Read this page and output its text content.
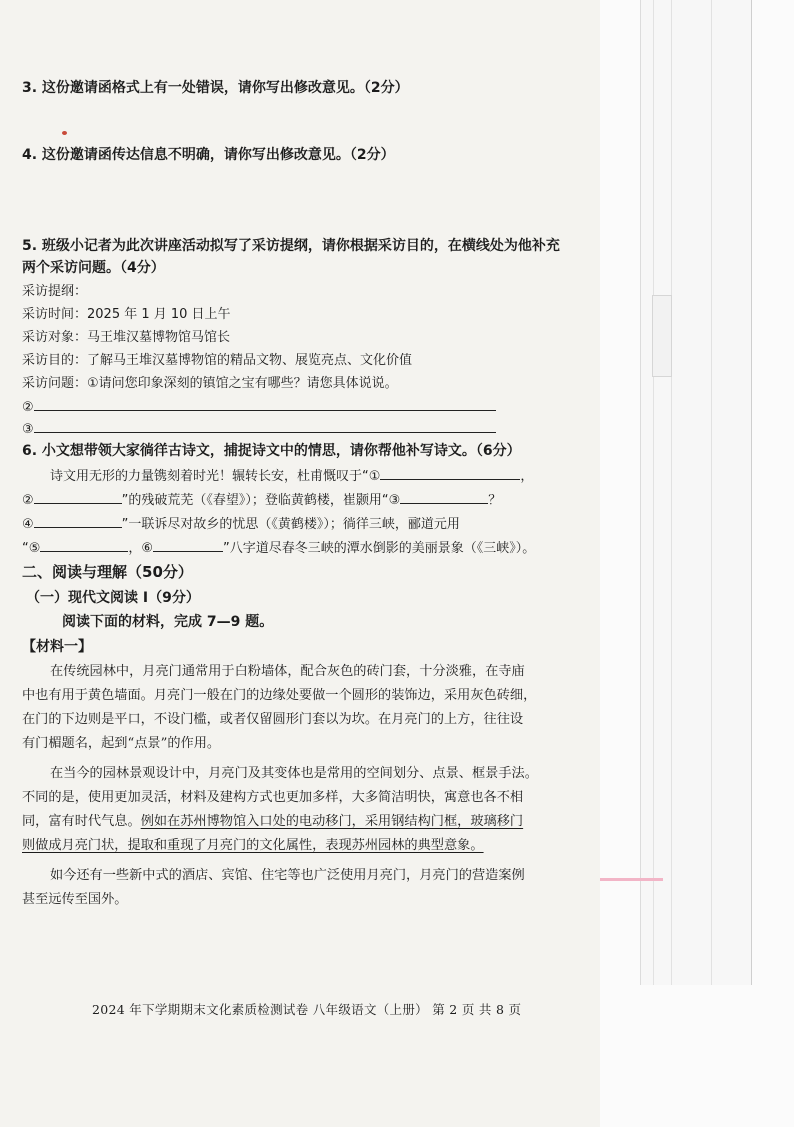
3. 这份邀请函格式上有一处错误，请你写出修改意见。（2分）
4. 这份邀请函传达信息不明确，请你写出修改意见。（2分）
5. 班级小记者为此次讲座活动拟写了采访提纲，请你根据采访目的，在横线处为他补充
两个采访问题。（4分）
采访提纲：
采访时间：2025 年 1 月 10 日上午
采访对象：马王堆汉墓博物馆马馆长
采访目的：了解马王堆汉墓博物馆的精品文物、展览亮点、文化价值
采访问题：①请问您印象深刻的镇馆之宝有哪些？请您具体说说。
②
③
6. 小文想带领大家徜徉古诗文，捕捉诗文中的情思，请你帮他补写诗文。（6分）
诗文用无形的力量镌刻着时光！辗转长安，杜甫慨叹于“①	，
②	”的残破荒芜（《春望》）；登临黄鹤楼，崔颢用“③	？
④	”一联诉尽对故乡的忧思（《黄鹤楼》）；徜徉三峡，郦道元用
“⑤	，⑥	”八字道尽春冬三峡的潭水倒影的美丽景象（《三峡》）。
二、阅读与理解（50分）
（一）现代文阅读 I（9分）
阅读下面的材料，完成 7—9 题。
【材料一】
在传统园林中，月亮门通常用于白粉墙体，配合灰色的砖门套，十分淡雅，在寺庙
中也有用于黄色墙面。月亮门一般在门的边缘处要做一个圆形的装饰边，采用灰色砖细，
在门的下边则是平口，不设门槛，或者仅留圆形门套以为坎。在月亮门的上方，往往设
有门楣题名，起到“点景”的作用。
在当今的园林景观设计中，月亮门及其变体也是常用的空间划分、点景、框景手法。
不同的是，使用更加灵活，材料及建构方式也更加多样，大多简洁明快，寓意也各不相
同，富有时代气息。例如在苏州博物馆入口处的电动移门，采用钢结构门框，玻璃移门
则做成月亮门状，提取和重现了月亮门的文化属性，表现苏州园林的典型意象。
如今还有一些新中式的酒店、宾馆、住宅等也广泛使用月亮门，月亮门的营造案例
甚至远传至国外。
2024 年下学期期末文化素质检测试卷 八年级语文（上册） 第 2 页 共 8 页
